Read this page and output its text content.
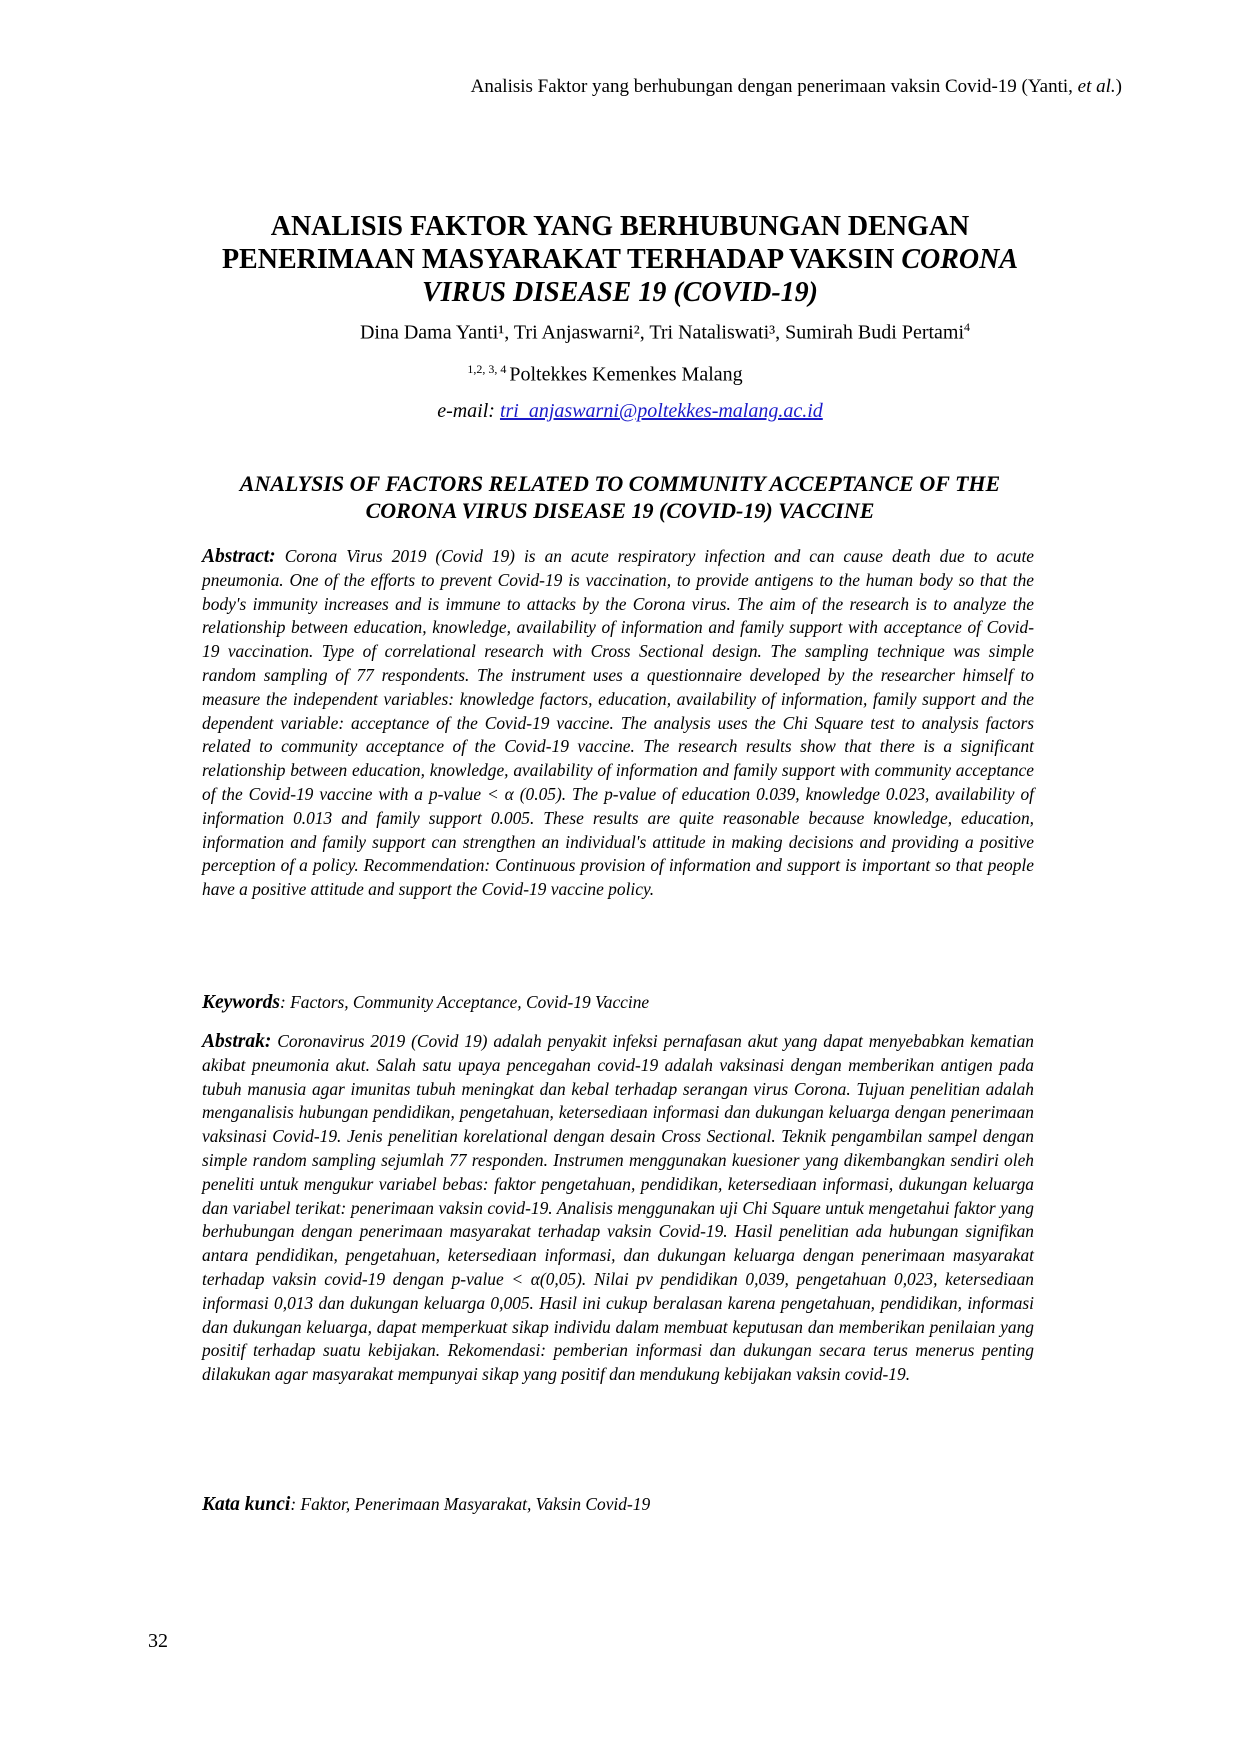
Analisis Faktor yang berhubungan dengan penerimaan vaksin Covid-19 (Yanti, et al.)
ANALISIS FAKTOR YANG BERHUBUNGAN DENGAN
PENERIMAAN MASYARAKAT TERHADAP VAKSIN CORONA
VIRUS DISEASE 19 (COVID-19)
Dina Dama Yanti¹, Tri Anjaswarni², Tri Nataliswati³, Sumirah Budi Pertami$^4$
$^{1,2, 3, 4}$ Poltekkes Kemenkes Malang
e-mail: tri_anjaswarni@poltekkes-malang.ac.id
ANALYSIS OF FACTORS RELATED TO COMMUNITY ACCEPTANCE OF THE
CORONA VIRUS DISEASE 19 (COVID-19) VACCINE
Abstract: Corona Virus 2019 (Covid 19) is an acute respiratory infection and can cause death due to acute pneumonia. One of the efforts to prevent Covid-19 is vaccination, to provide antigens to the human body so that the body's immunity increases and is immune to attacks by the Corona virus. The aim of the research is to analyze the relationship between education, knowledge, availability of information and family support with acceptance of Covid-19 vaccination. Type of correlational research with Cross Sectional design. The sampling technique was simple random sampling of 77 respondents. The instrument uses a questionnaire developed by the researcher himself to measure the independent variables: knowledge factors, education, availability of information, family support and the dependent variable: acceptance of the Covid-19 vaccine. The analysis uses the Chi Square test to analysis factors related to community acceptance of the Covid-19 vaccine. The research results show that there is a significant relationship between education, knowledge, availability of information and family support with community acceptance of the Covid-19 vaccine with a p-value < α (0.05). The p-value of education 0.039, knowledge 0.023, availability of information 0.013 and family support 0.005. These results are quite reasonable because knowledge, education, information and family support can strengthen an individual's attitude in making decisions and providing a positive perception of a policy. Recommendation: Continuous provision of information and support is important so that people have a positive attitude and support the Covid-19 vaccine policy.
Keywords: Factors, Community Acceptance, Covid-19 Vaccine
Abstrak: Coronavirus 2019 (Covid 19) adalah penyakit infeksi pernafasan akut yang dapat menyebabkan kematian akibat pneumonia akut. Salah satu upaya pencegahan covid-19 adalah vaksinasi dengan memberikan antigen pada tubuh manusia agar imunitas tubuh meningkat dan kebal terhadap serangan virus Corona. Tujuan penelitian adalah menganalisis hubungan pendidikan, pengetahuan, ketersediaan informasi dan dukungan keluarga dengan penerimaan vaksinasi Covid-19. Jenis penelitian korelational dengan desain Cross Sectional. Teknik pengambilan sampel dengan simple random sampling sejumlah 77 responden. Instrumen menggunakan kuesioner yang dikembangkan sendiri oleh peneliti untuk mengukur variabel bebas: faktor pengetahuan, pendidikan, ketersediaan informasi, dukungan keluarga dan variabel terikat: penerimaan vaksin covid-19. Analisis menggunakan uji Chi Square untuk mengetahui faktor yang berhubungan dengan penerimaan masyarakat terhadap vaksin Covid-19. Hasil penelitian ada hubungan signifikan antara pendidikan, pengetahuan, ketersediaan informasi, dan dukungan keluarga dengan penerimaan masyarakat terhadap vaksin covid-19 dengan p-value < α(0,05). Nilai pv pendidikan 0,039, pengetahuan 0,023, ketersediaan informasi 0,013 dan dukungan keluarga 0,005. Hasil ini cukup beralasan karena pengetahuan, pendidikan, informasi dan dukungan keluarga, dapat memperkuat sikap individu dalam membuat keputusan dan memberikan penilaian yang positif terhadap suatu kebijakan. Rekomendasi: pemberian informasi dan dukungan secara terus menerus penting dilakukan agar masyarakat mempunyai sikap yang positif dan mendukung kebijakan vaksin covid-19.
Kata kunci: Faktor, Penerimaan Masyarakat, Vaksin Covid-19
32
